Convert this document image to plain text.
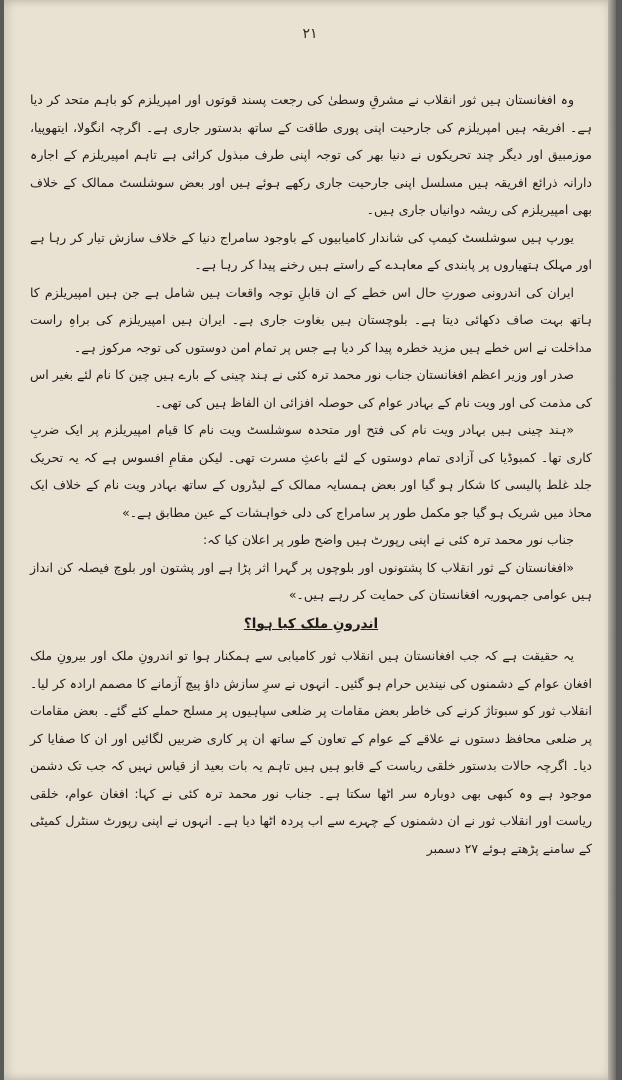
۲۱

وہ افغانستان ہیں ثور انقلاب نے مشرقِ وسطیٰ کی رجعت پسند قوتوں اور امپریلزم کو باہم متحد کر دیا ہے۔ افریقہ ہیں امپریلزم کی جارحیت اپنی پوری طاقت کے ساتھ بدستور جاری ہے۔ اگرچہ انگولا، ایتھوپیا، موزمبیق اور دیگر چند تحریکوں نے دنیا بھر کی توجہ اپنی طرف مبذول کرائی ہے تاہم امپیریلزم کے اجارہ دارانہ ذرائع افریقہ ہیں مسلسل اپنی جارحیت جاری رکھے ہوئے ہیں اور بعض سوشلسٹ ممالک کے خلاف بھی امپیریلزم کی ریشہ دوانیاں جاری ہیں۔

یورپ ہیں سوشلسٹ کیمپ کی شاندار کامیابیوں کے باوجود سامراج دنیا کے خلاف سازش تیار کر رہا ہے اور مہلک ہتھیاروں پر پابندی کے معاہدے کے راستے ہیں رخنے پیدا کر رہا ہے۔

ایران کی اندرونی صورتِ حال اس خطے کے ان قابلِ توجہ واقعات ہیں شامل ہے جن ہیں امپیریلزم کا ہاتھ بہت صاف دکھائی دیتا ہے۔ بلوچستان ہیں بغاوت جاری ہے۔ ایران ہیں امپیریلزم کی براہِ راست مداخلت نے اس خطے ہیں مزید خطرہ پیدا کر دیا ہے جس پر تمام امن دوستوں کی توجہ مرکوز ہے۔

صدر اور وزیر اعظم افغانستان جناب نور محمد ترہ کئی نے ہند چینی کے بارے ہیں چین کا نام لئے بغیر اس کی مذمت کی اور ویت نام کے بہادر عوام کی حوصلہ افزائی ان الفاظ ہیں کی تھی۔

«ہند چینی ہیں بہادر ویت نام کی فتح اور متحدہ سوشلسٹ ویت نام کا قیام امپیریلزم پر ایک ضربِ کاری تھا۔ کمبوڈیا کی آزادی تمام دوستوں کے لئے باعثِ مسرت تھی۔ لیکن مقامِ افسوس ہے کہ یہ تحریک جلد غلط پالیسی کا شکار ہو گیا اور بعض ہمسایہ ممالک کے لیڈروں کے ساتھ بہادر ویت نام کے خلاف ایک محاذ میں شریک ہو گیا جو مکمل طور پر سامراج کی دلی خواہشات کے عین مطابق ہے۔»

جناب نور محمد ترہ کئی نے اپنی رپورٹ ہیں واضح طور پر اعلان کیا کہ:

«افغانستان کے ثور انقلاب کا پشتونوں اور بلوچوں پر گہرا اثر پڑا ہے اور پشتون اور بلوچ فیصلہ کن انداز ہیں عوامی جمہوریہ افغانستان کی حمایت کر رہے ہیں۔»

اندرونِ ملک کیا ہوا؟

یہ حقیقت ہے کہ جب افغانستان ہیں انقلاب ثور کامیابی سے ہمکنار ہوا تو اندرونِ ملک اور بیرونِ ملک افغان عوام کے دشمنوں کی نیندیں حرام ہو گئیں۔ انہوں نے سرِ سازش داؤ پیچ آزمانے کا مصمم ارادہ کر لیا۔ انقلاب ثور کو سبوتاژ کرنے کی خاطر بعض مقامات پر ضلعی سپاہیوں پر مسلح حملے کئے گئے۔ بعض مقامات پر ضلعی محافظ دستوں نے علاقے کے عوام کے تعاون کے ساتھ ان پر کاری ضربیں لگائیں اور ان کا صفایا کر دیا۔ اگرچہ حالات بدستور خلقی ریاست کے قابو ہیں ہیں تاہم یہ بات بعید از قیاس نہیں کہ جب تک دشمن موجود ہے وہ کبھی بھی دوبارہ سر اٹھا سکتا ہے۔ جناب نور محمد ترہ کئی نے کہا: افغان عوام، خلقی ریاست اور انقلاب ثور نے ان دشمنوں کے چہرے سے اب پردہ اٹھا دیا ہے۔ انہوں نے اپنی رپورٹ سنٹرل کمیٹی کے سامنے پڑھتے ہوئے ۲۷ دسمبر
